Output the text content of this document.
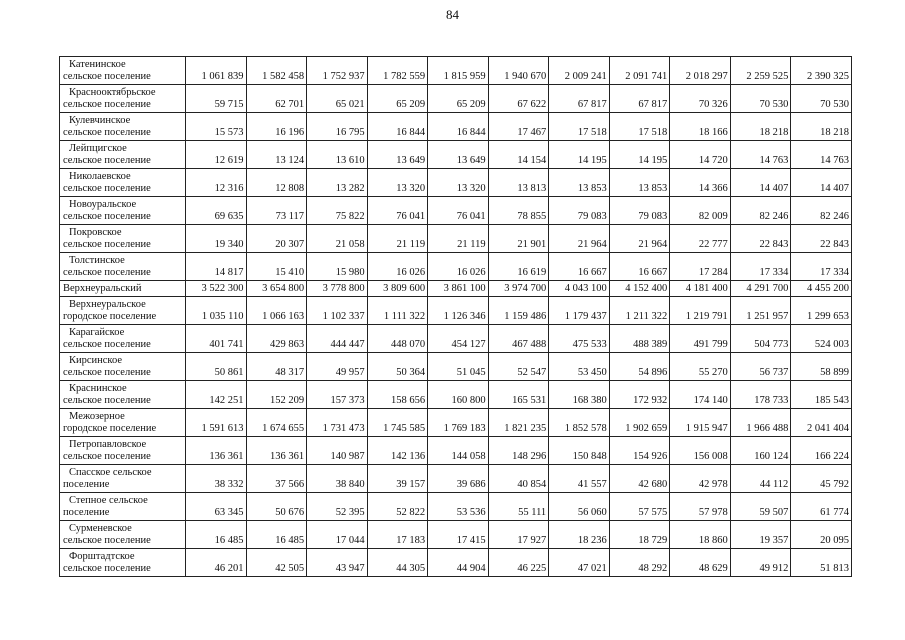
84
Катенинское
сельское поселение	1 061 839	1 582 458	1 752 937	1 782 559	1 815 959	1 940 670	2 009 241	2 091 741	2 018 297	2 259 525	2 390 325

Краснооктябрьское
сельское поселение	59 715	62 701	65 021	65 209	65 209	67 622	67 817	67 817	70 326	70 530	70 530

Кулевчинское
сельское поселение	15 573	16 196	16 795	16 844	16 844	17 467	17 518	17 518	18 166	18 218	18 218

Лейпцигское
сельское поселение	12 619	13 124	13 610	13 649	13 649	14 154	14 195	14 195	14 720	14 763	14 763

Николаевское
сельское поселение	12 316	12 808	13 282	13 320	13 320	13 813	13 853	13 853	14 366	14 407	14 407

Новоуральское
сельское поселение	69 635	73 117	75 822	76 041	76 041	78 855	79 083	79 083	82 009	82 246	82 246

Покровское
сельское поселение	19 340	20 307	21 058	21 119	21 119	21 901	21 964	21 964	22 777	22 843	22 843

Толстинское
сельское поселение	14 817	15 410	15 980	16 026	16 026	16 619	16 667	16 667	17 284	17 334	17 334

Верхнеуральский	3 522 300	3 654 800	3 778 800	3 809 600	3 861 100	3 974 700	4 043 100	4 152 400	4 181 400	4 291 700	4 455 200

Верхнеуральское
городское поселение	1 035 110	1 066 163	1 102 337	1 111 322	1 126 346	1 159 486	1 179 437	1 211 322	1 219 791	1 251 957	1 299 653

Карагайское
сельское поселение	401 741	429 863	444 447	448 070	454 127	467 488	475 533	488 389	491 799	504 773	524 003

Кирсинское
сельское поселение	50 861	48 317	49 957	50 364	51 045	52 547	53 450	54 896	55 270	56 737	58 899

Краснинское
сельское поселение	142 251	152 209	157 373	158 656	160 800	165 531	168 380	172 932	174 140	178 733	185 543

Межозерное
городское поселение	1 591 613	1 674 655	1 731 473	1 745 585	1 769 183	1 821 235	1 852 578	1 902 659	1 915 947	1 966 488	2 041 404

Петропавловское
сельское поселение	136 361	136 361	140 987	142 136	144 058	148 296	150 848	154 926	156 008	160 124	166 224

Спасское сельское
поселение	38 332	37 566	38 840	39 157	39 686	40 854	41 557	42 680	42 978	44 112	45 792

Степное сельское
поселение	63 345	50 676	52 395	52 822	53 536	55 111	56 060	57 575	57 978	59 507	61 774

Сурменевское
сельское поселение	16 485	16 485	17 044	17 183	17 415	17 927	18 236	18 729	18 860	19 357	20 095

Форштадтское
сельское поселение	46 201	42 505	43 947	44 305	44 904	46 225	47 021	48 292	48 629	49 912	51 813
